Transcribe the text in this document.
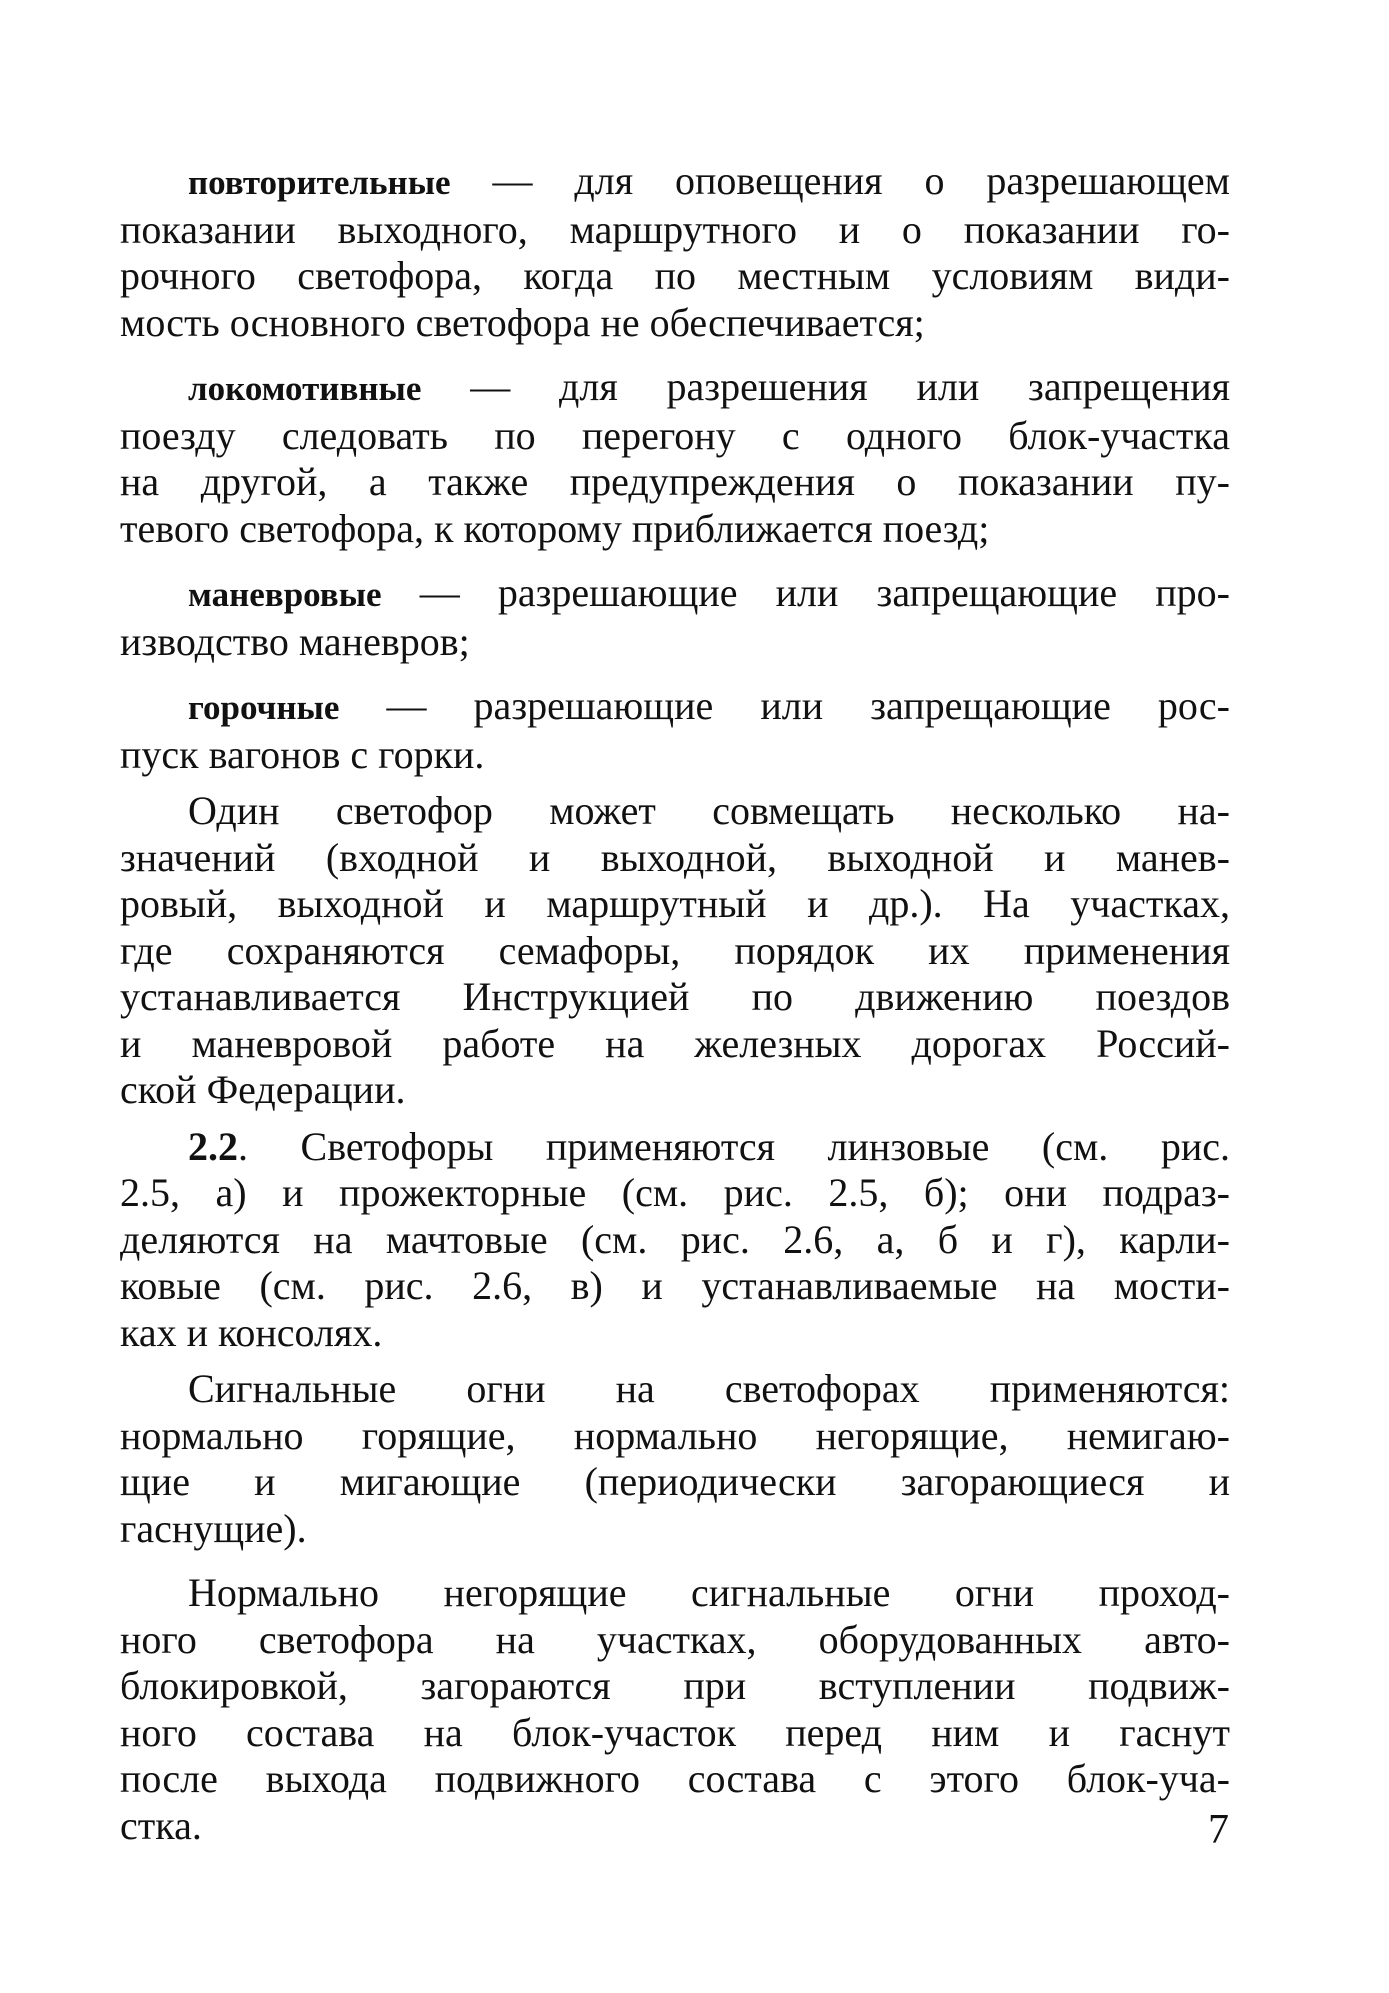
повторительные — для оповещения о разрешающем
показании выходного, маршрутного и о показании го-
рочного светофора, когда по местным условиям види-
мость основного светофора не обеспечивается;

локомотивные — для разрешения или запрещения
поезду следовать по перегону с одного блок-участка
на другой, а также предупреждения о показании пу-
тевого светофора, к которому приближается поезд;

маневровые — разрешающие или запрещающие про-
изводство маневров;

горочные — разрешающие или запрещающие рос-
пуск вагонов с горки.

Один светофор может совмещать несколько на-
значений (входной и выходной, выходной и манев-
ровый, выходной и маршрутный и др.). На участках,
где сохраняются семафоры, порядок их применения
устанавливается Инструкцией по движению поездов
и маневровой работе на железных дорогах Россий-
ской Федерации.

2.2. Светофоры применяются линзовые (см. рис.
2.5, а) и прожекторные (см. рис. 2.5, б); они подраз-
деляются на мачтовые (см. рис. 2.6, а, б и г), карли-
ковые (см. рис. 2.6, в) и устанавливаемые на мости-
ках и консолях.

Сигнальные огни на светофорах применяются:
нормально горящие, нормально негорящие, немигаю-
щие и мигающие (периодически загорающиеся и
гаснущие).

Нормально негорящие сигнальные огни проход-
ного светофора на участках, оборудованных авто-
блокировкой, загораются при вступлении подвиж-
ного состава на блок-участок перед ним и гаснут
после выхода подвижного состава с этого блок-уча-
стка.	7
